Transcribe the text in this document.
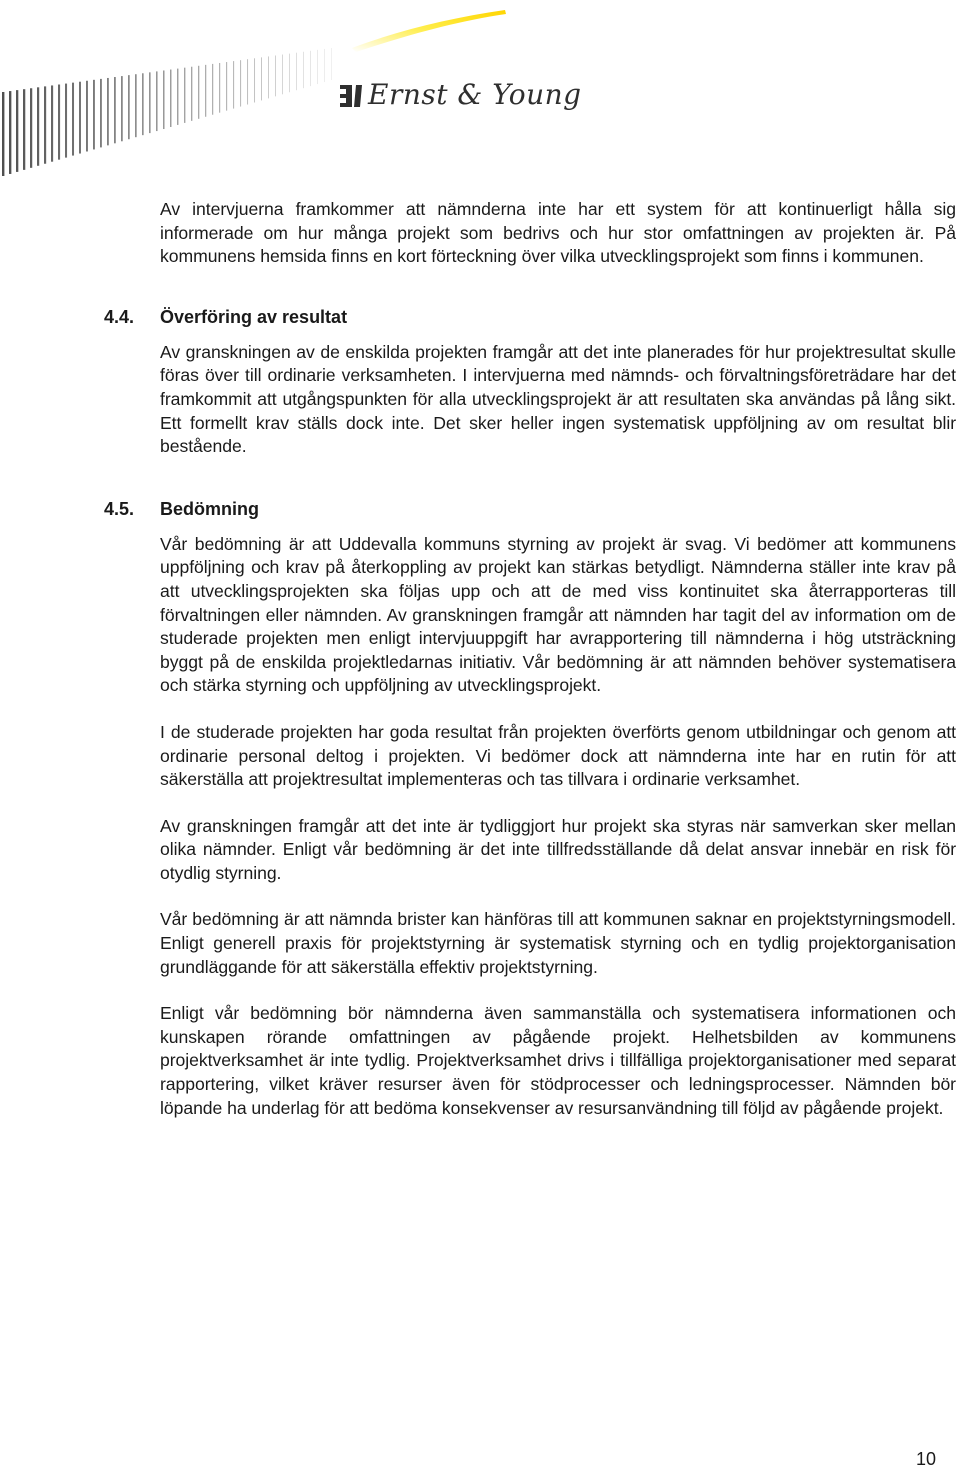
Ernst & Young

Av intervjuerna framkommer att nämnderna inte har ett system för att kontinuerligt hålla sig informerade om hur många projekt som bedrivs och hur stor omfattningen av projekten är. På kommunens hemsida finns en kort förteckning över vilka utvecklingsprojekt som finns i kommunen.

4.4.	Överföring av resultat

Av granskningen av de enskilda projekten framgår att det inte planerades för hur projektresultat skulle föras över till ordinarie verksamheten. I intervjuerna med nämnds- och förvaltningsföreträdare har det framkommit att utgångspunkten för alla utvecklingsprojekt är att resultaten ska användas på lång sikt. Ett formellt krav ställs dock inte. Det sker heller ingen systematisk uppföljning av om resultat blir bestående.

4.5.	Bedömning

Vår bedömning är att Uddevalla kommuns styrning av projekt är svag. Vi bedömer att kommunens uppföljning och krav på återkoppling av projekt kan stärkas betydligt. Nämnderna ställer inte krav på att utvecklingsprojekten ska följas upp och att de med viss kontinuitet ska återrapporteras till förvaltningen eller nämnden. Av granskningen framgår att nämnden har tagit del av information om de studerade projekten men enligt intervjuuppgift har avrapportering till nämnderna i hög utsträckning byggt på de enskilda projektledarnas initiativ. Vår bedömning är att nämnden behöver systematisera och stärka styrning och uppföljning av utvecklingsprojekt.

I de studerade projekten har goda resultat från projekten överförts genom utbildningar och genom att ordinarie personal deltog i projekten. Vi bedömer dock att nämnderna inte har en rutin för att säkerställa att projektresultat implementeras och tas tillvara i ordinarie verksamhet.

Av granskningen framgår att det inte är tydliggjort hur projekt ska styras när samverkan sker mellan olika nämnder. Enligt vår bedömning är det inte tillfredsställande då delat ansvar innebär en risk för otydlig styrning.

Vår bedömning är att nämnda brister kan hänföras till att kommunen saknar en projektstyrningsmodell. Enligt generell praxis för projektstyrning är systematisk styrning och en tydlig projektorganisation grundläggande för att säkerställa effektiv projektstyrning.

Enligt vår bedömning bör nämnderna även sammanställa och systematisera informationen och kunskapen rörande omfattningen av pågående projekt. Helhetsbilden av kommunens projektverksamhet är inte tydlig. Projektverksamhet drivs i tillfälliga projektorganisationer med separat rapportering, vilket kräver resurser även för stödprocesser och ledningsprocesser. Nämnden bör löpande ha underlag för att bedöma konsekvenser av resursanvändning till följd av pågående projekt.

10
